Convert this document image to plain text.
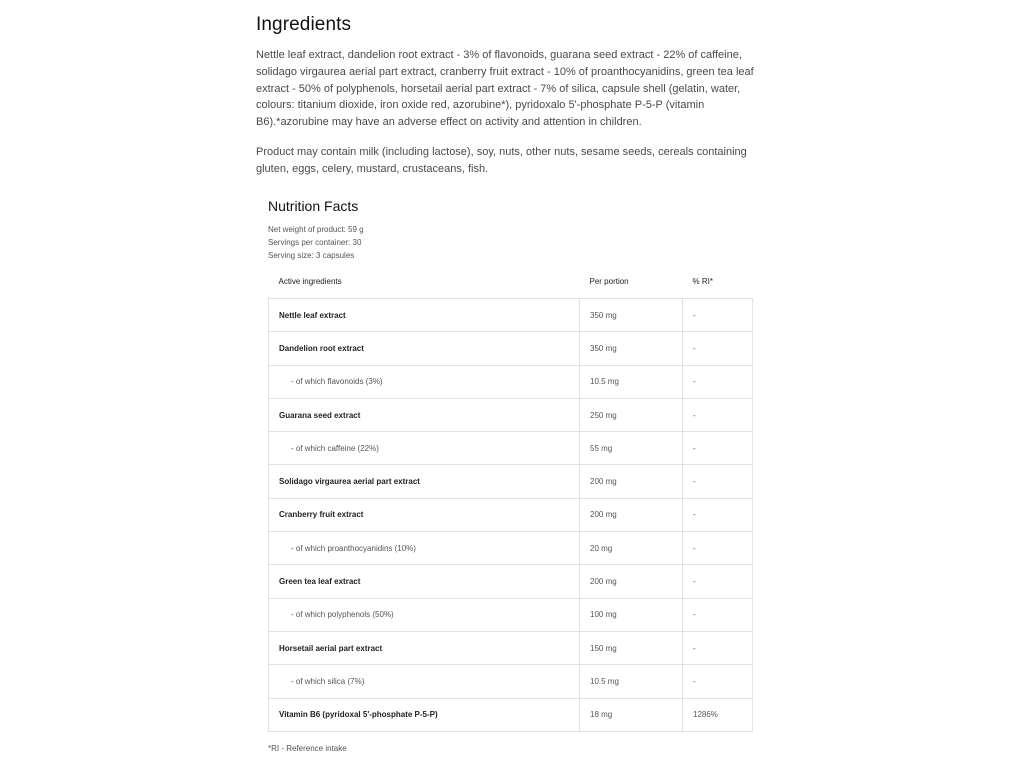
Ingredients

Nettle leaf extract, dandelion root extract - 3% of flavonoids, guarana seed extract - 22% of caffeine, solidago virgaurea aerial part extract, cranberry fruit extract - 10% of proanthocyanidins, green tea leaf extract - 50% of polyphenols, horsetail aerial part extract - 7% of silica, capsule shell (gelatin, water, colours: titanium dioxide, iron oxide red, azorubine*), pyridoxalo 5'-phosphate P-5-P (vitamin B6).*azorubine may have an adverse effect on activity and attention in children.

Product may contain milk (including lactose), soy, nuts, other nuts, sesame seeds, cereals containing gluten, eggs, celery, mustard, crustaceans, fish.

Nutrition Facts
Net weight of product: 59 g
Servings per container: 30
Serving size: 3 capsules
Active ingredients	Per portion	% RI*
Nettle leaf extract	350 mg	-
Dandelion root extract	350 mg	-
- of which flavonoids (3%)	10.5 mg	-
Guarana seed extract	250 mg	-
- of which caffeine (22%)	55 mg	-
Solidago virgaurea aerial part extract	200 mg	-
Cranberry fruit extract	200 mg	-
- of which proanthocyanidins (10%)	20 mg	-
Green tea leaf extract	200 mg	-
- of which polyphenols (50%)	100 mg	-
Horsetail aerial part extract	150 mg	-
- of which silica (7%)	10.5 mg	-
Vitamin B6 (pyridoxal 5'-phosphate P-5-P)	18 mg	1286%
*RI - Reference intake
